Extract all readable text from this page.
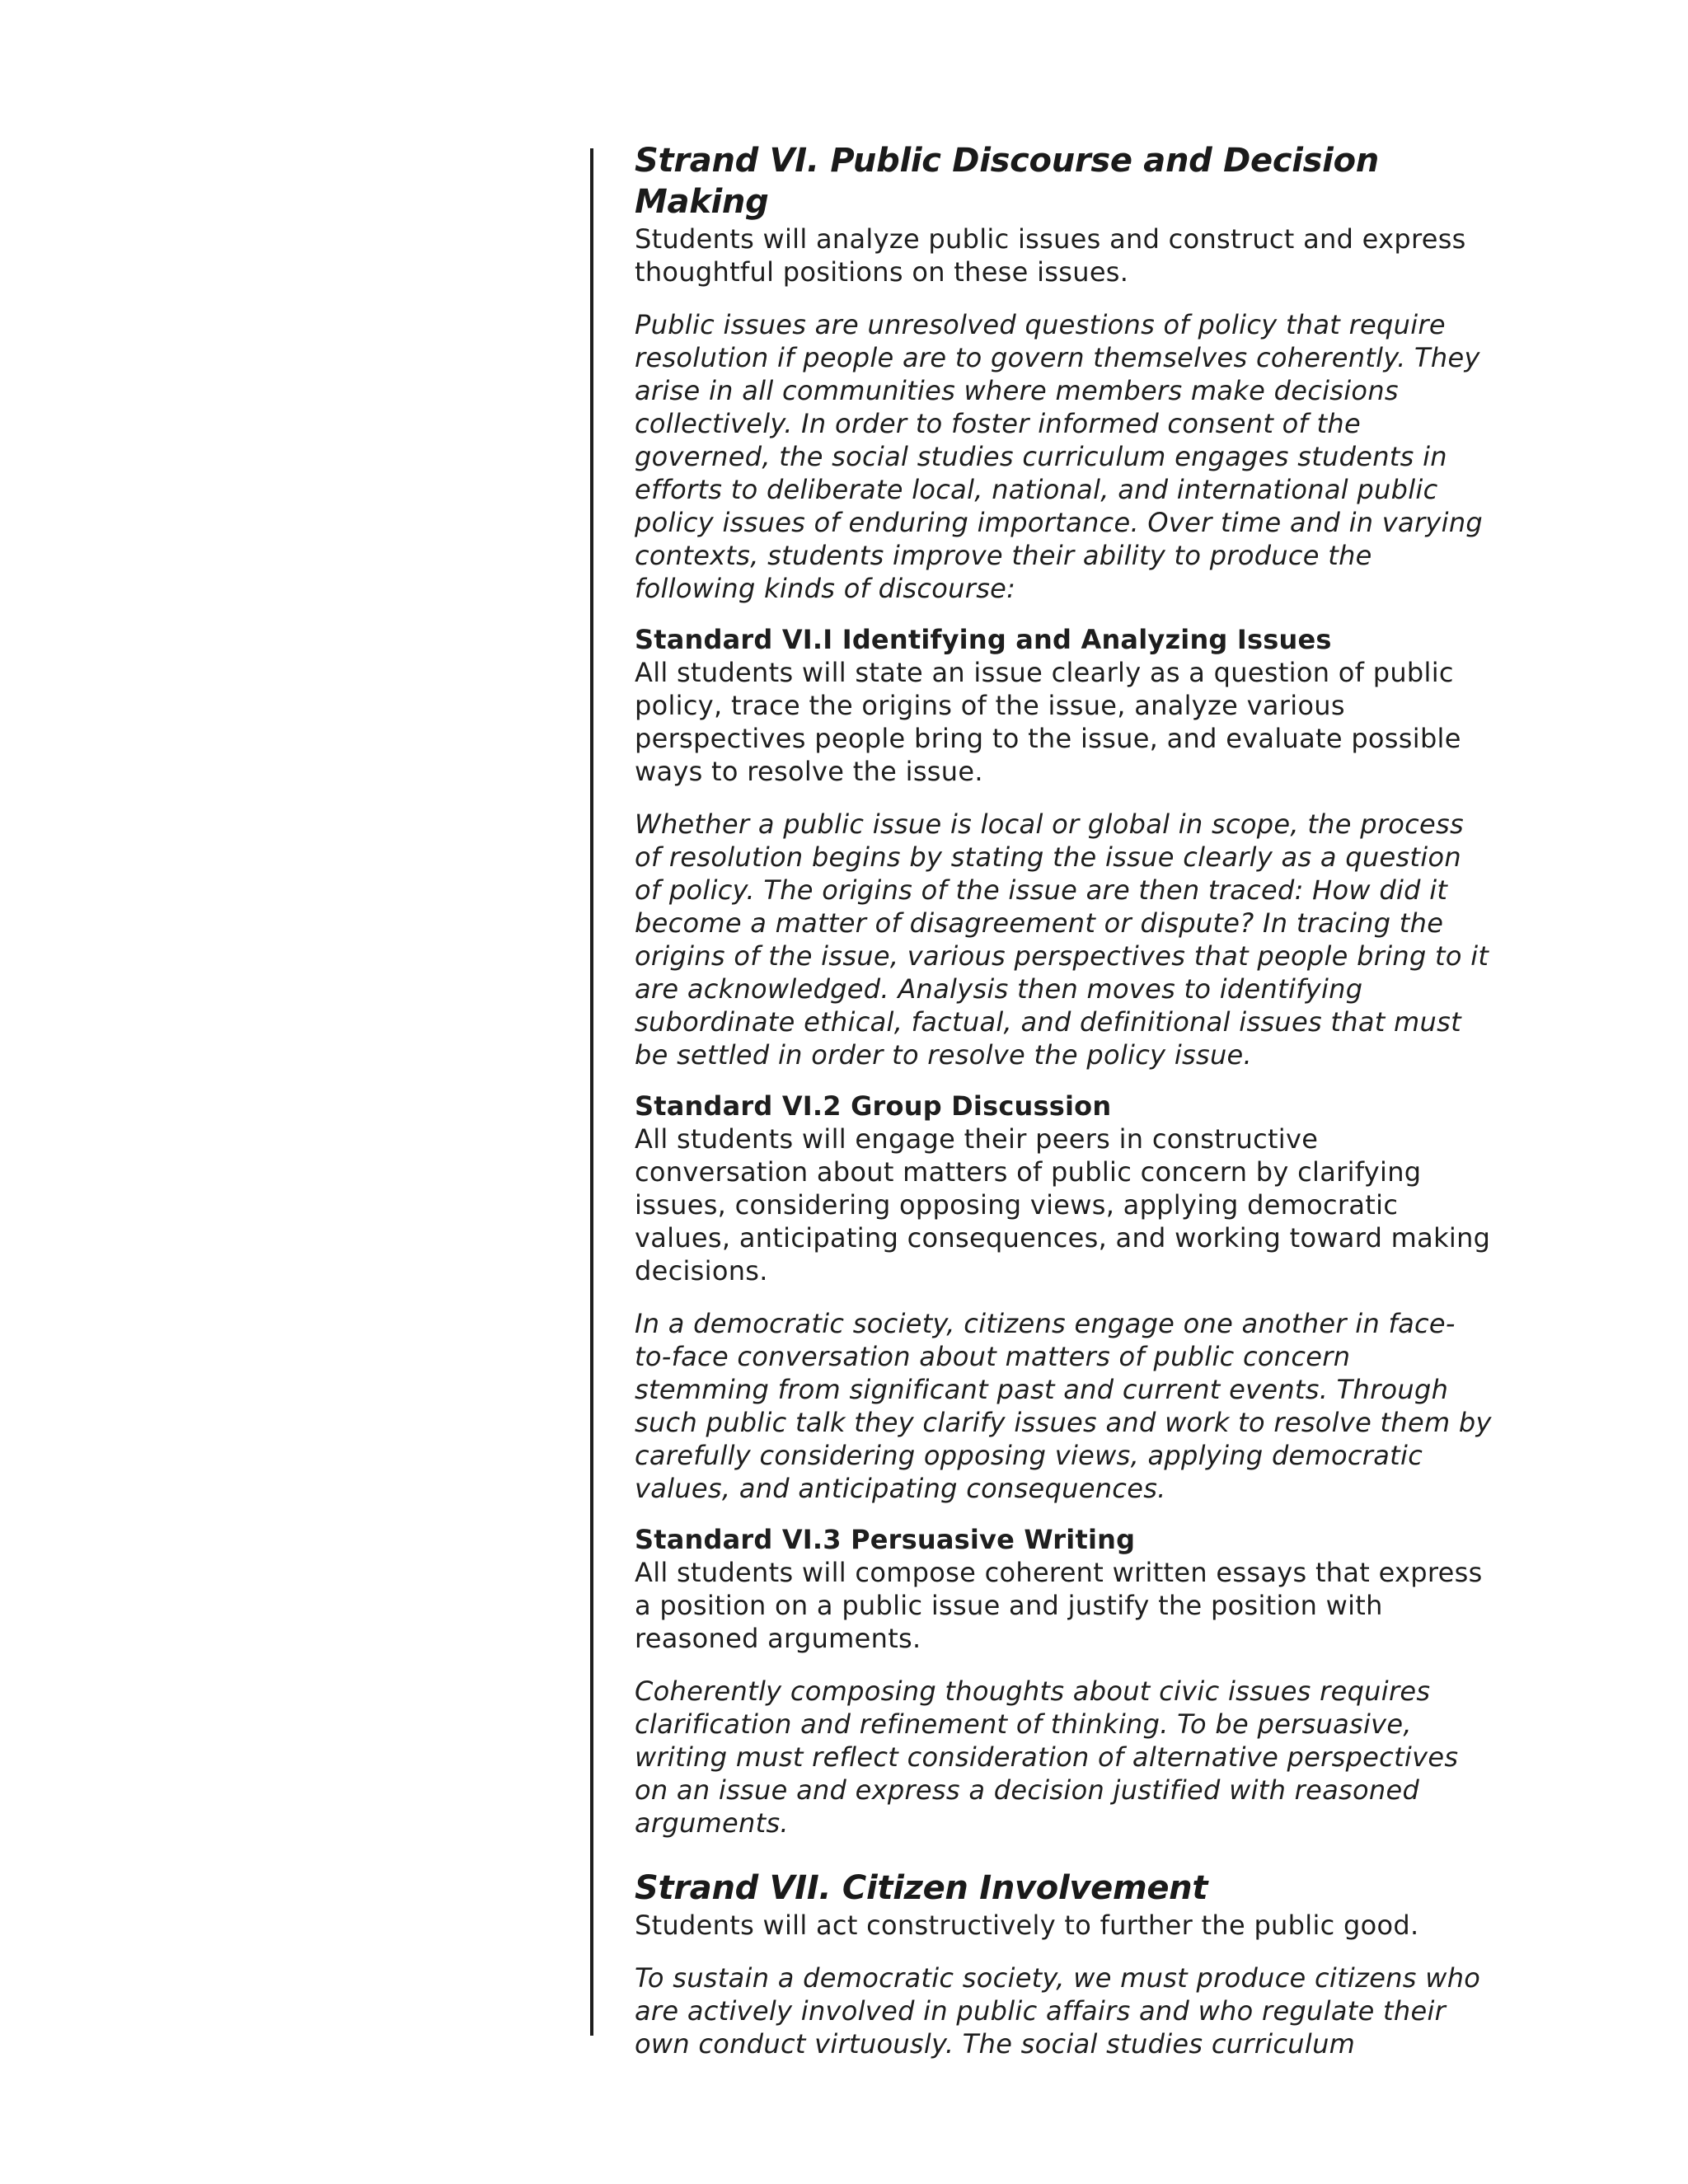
Strand VI. Public Discourse and Decision Making

Students will analyze public issues and construct and express thoughtful positions on these issues.

Public issues are unresolved questions of policy that require resolution if people are to govern themselves coherently. They arise in all communities where members make decisions collectively. In order to foster informed consent of the governed, the social studies curriculum engages students in efforts to deliberate local, national, and international public policy issues of enduring importance. Over time and in varying contexts, students improve their ability to produce the following kinds of discourse:

Standard VI.I Identifying and Analyzing Issues

All students will state an issue clearly as a question of public policy, trace the origins of the issue, analyze various perspectives people bring to the issue, and evaluate possible ways to resolve the issue.

Whether a public issue is local or global in scope, the process of resolution begins by stating the issue clearly as a question of policy. The origins of the issue are then traced: How did it become a matter of disagreement or dispute? In tracing the origins of the issue, various perspectives that people bring to it are acknowledged. Analysis then moves to identifying subordinate ethical, factual, and definitional issues that must be settled in order to resolve the policy issue.

Standard VI.2 Group Discussion

All students will engage their peers in constructive conversation about matters of public concern by clarifying issues, considering opposing views, applying democratic values, anticipating consequences, and working toward making decisions.

In a democratic society, citizens engage one another in face-to-face conversation about matters of public concern stemming from significant past and current events. Through such public talk they clarify issues and work to resolve them by carefully considering opposing views, applying democratic values, and anticipating consequences.

Standard VI.3 Persuasive Writing

All students will compose coherent written essays that express a position on a public issue and justify the position with reasoned arguments.

Coherently composing thoughts about civic issues requires clarification and refinement of thinking. To be persuasive, writing must reflect consideration of alternative perspectives on an issue and express a decision justified with reasoned arguments.

Strand VII. Citizen Involvement

Students will act constructively to further the public good.

To sustain a democratic society, we must produce citizens who are actively involved in public affairs and who regulate their own conduct virtuously. The social studies curriculum
